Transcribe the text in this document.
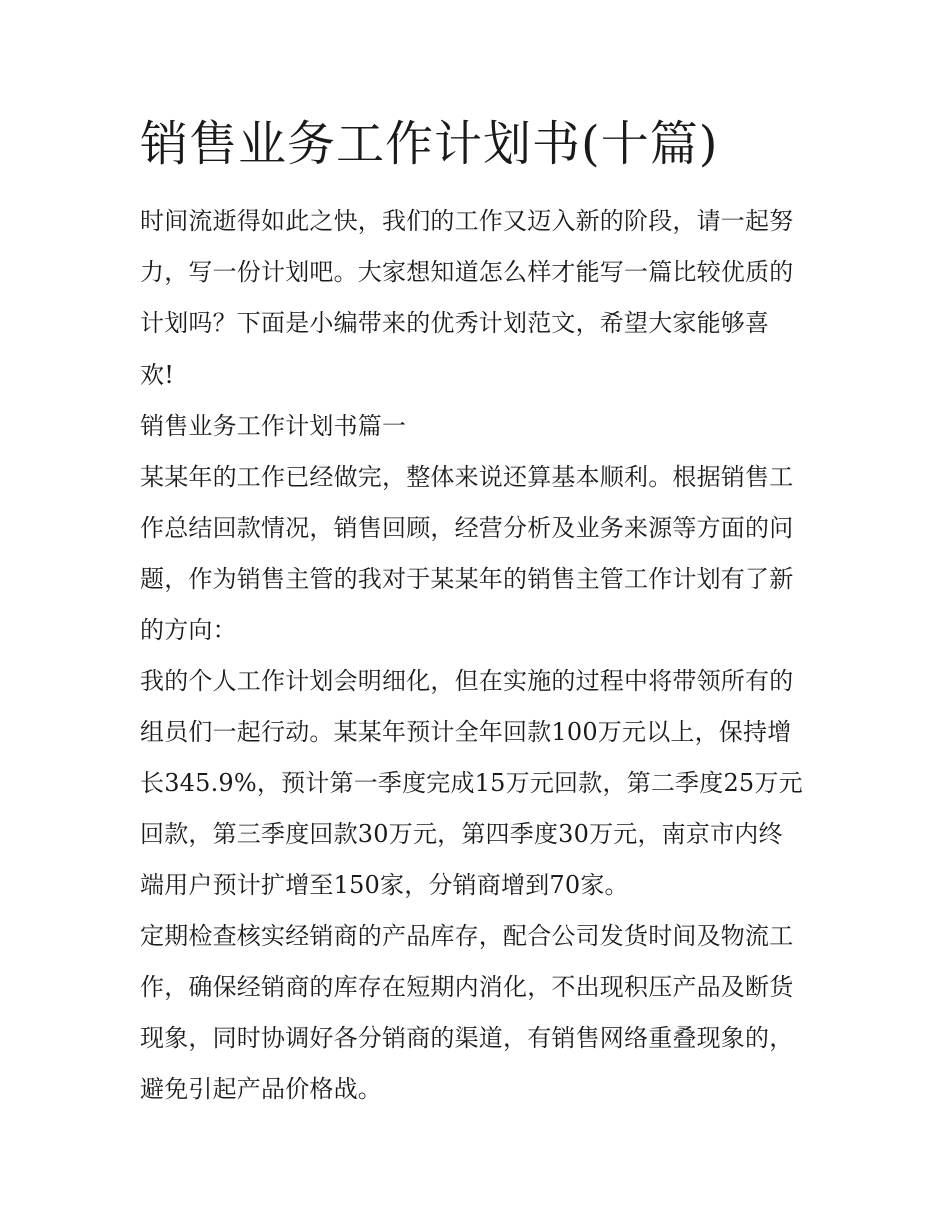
销售业务工作计划书(十篇)

时间流逝得如此之快，我们的工作又迈入新的阶段，请一起努

力，写一份计划吧。大家想知道怎么样才能写一篇比较优质的

计划吗？下面是小编带来的优秀计划范文，希望大家能够喜

欢!

销售业务工作计划书篇一

某某年的工作已经做完，整体来说还算基本顺利。根据销售工

作总结回款情况，销售回顾，经营分析及业务来源等方面的问

题，作为销售主管的我对于某某年的销售主管工作计划有了新

的方向：

我的个人工作计划会明细化，但在实施的过程中将带领所有的

组员们一起行动。某某年预计全年回款100万元以上，保持增

长345.9%，预计第一季度完成15万元回款，第二季度25万元

回款，第三季度回款30万元，第四季度30万元，南京市内终

端用户预计扩增至150家，分销商增到70家。

定期检查核实经销商的产品库存，配合公司发货时间及物流工

作，确保经销商的库存在短期内消化，不出现积压产品及断货

现象，同时协调好各分销商的渠道，有销售网络重叠现象的，

避免引起产品价格战。
